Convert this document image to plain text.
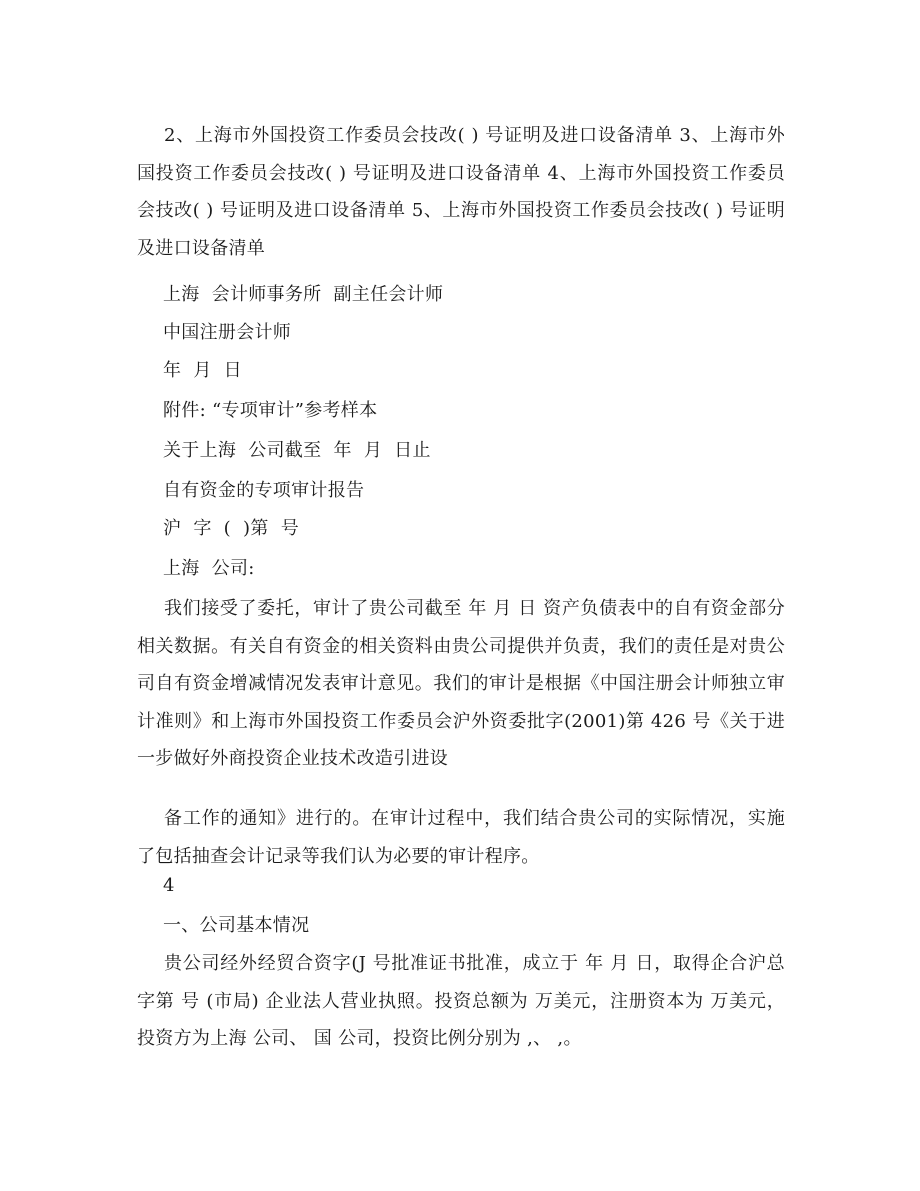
2、上海市外国投资工作委员会技改( ) 号证明及进口设备清单 3、上海市外国投资工作委员会技改( ) 号证明及进口设备清单 4、上海市外国投资工作委员会技改( ) 号证明及进口设备清单 5、上海市外国投资工作委员会技改( ) 号证明及进口设备清单
上海  会计师事务所  副主任会计师
中国注册会计师
年  月  日
附件: “专项审计”参考样本
关于上海  公司截至  年  月  日止
自有资金的专项审计报告
沪  字  (  )第  号
上海  公司:
我们接受了委托，审计了贵公司截至 年 月 日 资产负债表中的自有资金部分相关数据。有关自有资金的相关资料由贵公司提供并负责，我们的责任是对贵公司自有资金增减情况发表审计意见。我们的审计是根据《中国注册会计师独立审计准则》和上海市外国投资工作委员会沪外资委批字(2001)第 426 号《关于进一步做好外商投资企业技术改造引进设
备工作的通知》进行的。在审计过程中，我们结合贵公司的实际情况，实施了包括抽查会计记录等我们认为必要的审计程序。
4
一、公司基本情况
贵公司经外经贸合资字(J 号批准证书批准，成立于 年 月 日，取得企合沪总字第 号 (市局) 企业法人营业执照。投资总额为 万美元，注册资本为 万美元，投资方为上海 公司、 国 公司，投资比例分别为 ,、 ,。
